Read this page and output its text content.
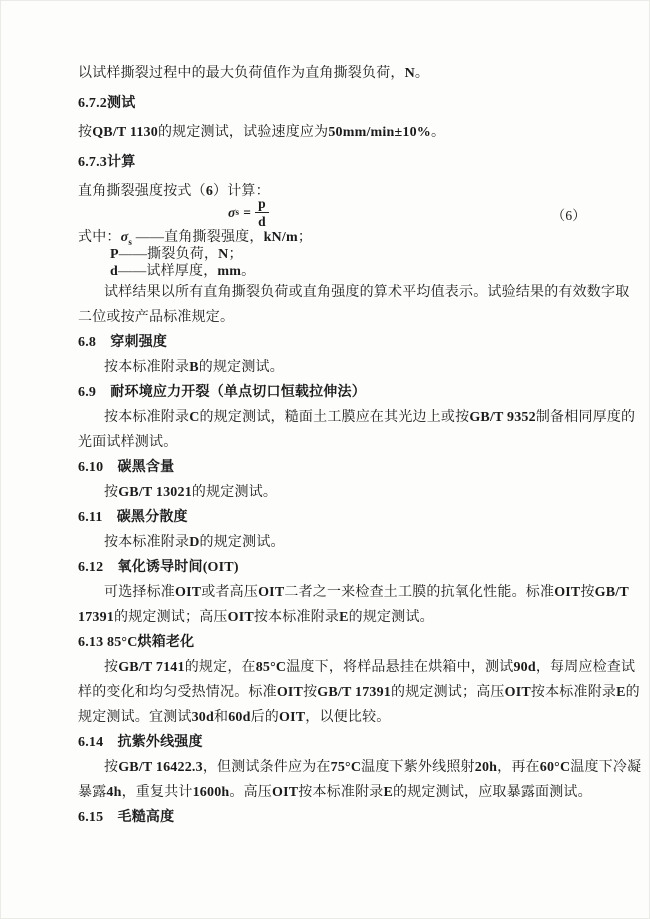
以试样撕裂过程中的最大负荷值作为直角撕裂负荷，N。
6.7.2测试
按QB/T 1130的规定测试，试验速度应为50mm/min±10%。
6.7.3计算
直角撕裂强度按式（6）计算：
σ $s = \frac{p}{d}$	（6）
式中：$\sigma_s$ ——直角撕裂强度，kN/m；
P——撕裂负荷，N；
d——试样厚度，mm。
试样结果以所有直角撕裂负荷或直角强度的算术平均值表示。试验结果的有效数字取
二位或按产品标准规定。
6.8　穿刺强度
按本标准附录B的规定测试。
6.9　耐环境应力开裂（单点切口恒载拉伸法）
按本标准附录C的规定测试，糙面土工膜应在其光边上或按GB/T 9352制备相同厚度的
光面试样测试。
6.10　碳黑含量
按GB/T 13021的规定测试。
6.11　碳黑分散度
按本标准附录D的规定测试。
6.12　氧化诱导时间(OIT)
可选择标准OIT或者高压OIT二者之一来检查土工膜的抗氧化性能。标准OIT按GB/T
17391的规定测试；高压OIT按本标准附录E的规定测试。
6.13 85°C烘箱老化
按GB/T 7141的规定，在85°C温度下，将样品悬挂在烘箱中，测试90d，每周应检查试
样的变化和均匀受热情况。标准OIT按GB/T 17391的规定测试；高压OIT按本标准附录E的
规定测试。宜测试30d和60d后的OIT，以便比较。
6.14　抗紫外线强度
按GB/T 16422.3，但测试条件应为在75°C温度下紫外线照射20h，再在60°C温度下冷凝
暴露4h，重复共计1600h。高压OIT按本标准附录E的规定测试，应取暴露面测试。
6.15　毛糙高度
